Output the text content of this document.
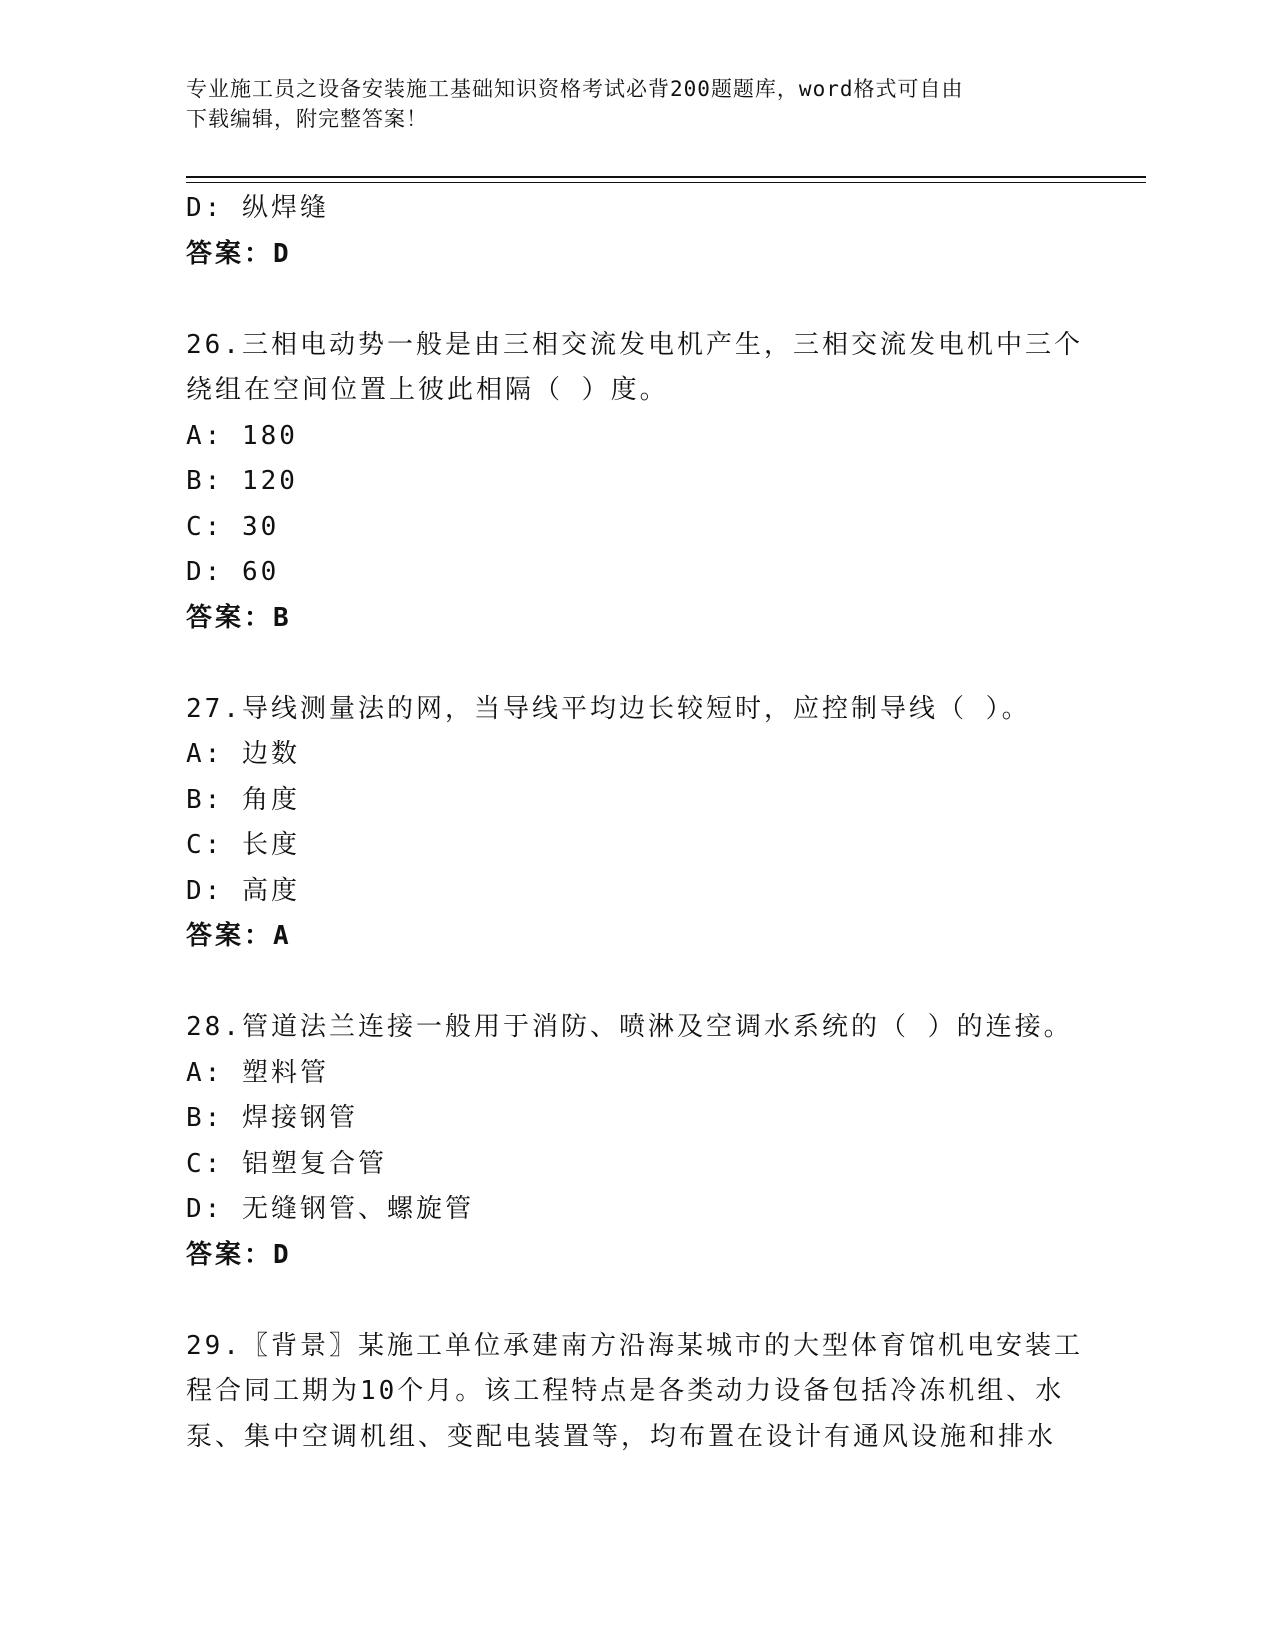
专业施工员之设备安装施工基础知识资格考试必背200题题库，word格式可自由
下载编辑，附完整答案！
D: 纵焊缝
答案：D
26.三相电动势一般是由三相交流发电机产生，三相交流发电机中三个
绕组在空间位置上彼此相隔（ ）度。
A: 180
B: 120
C: 30
D: 60
答案：B
27.导线测量法的网，当导线平均边长较短时，应控制导线（ ）。
A: 边数
B: 角度
C: 长度
D: 高度
答案：A
28.管道法兰连接一般用于消防、喷淋及空调水系统的（ ）的连接。
A: 塑料管
B: 焊接钢管
C: 铝塑复合管
D: 无缝钢管、螺旋管
答案：D
29.〖背景〗某施工单位承建南方沿海某城市的大型体育馆机电安装工
程合同工期为10个月。该工程特点是各类动力设备包括冷冻机组、水
泵、集中空调机组、变配电装置等，均布置在设计有通风设施和排水
